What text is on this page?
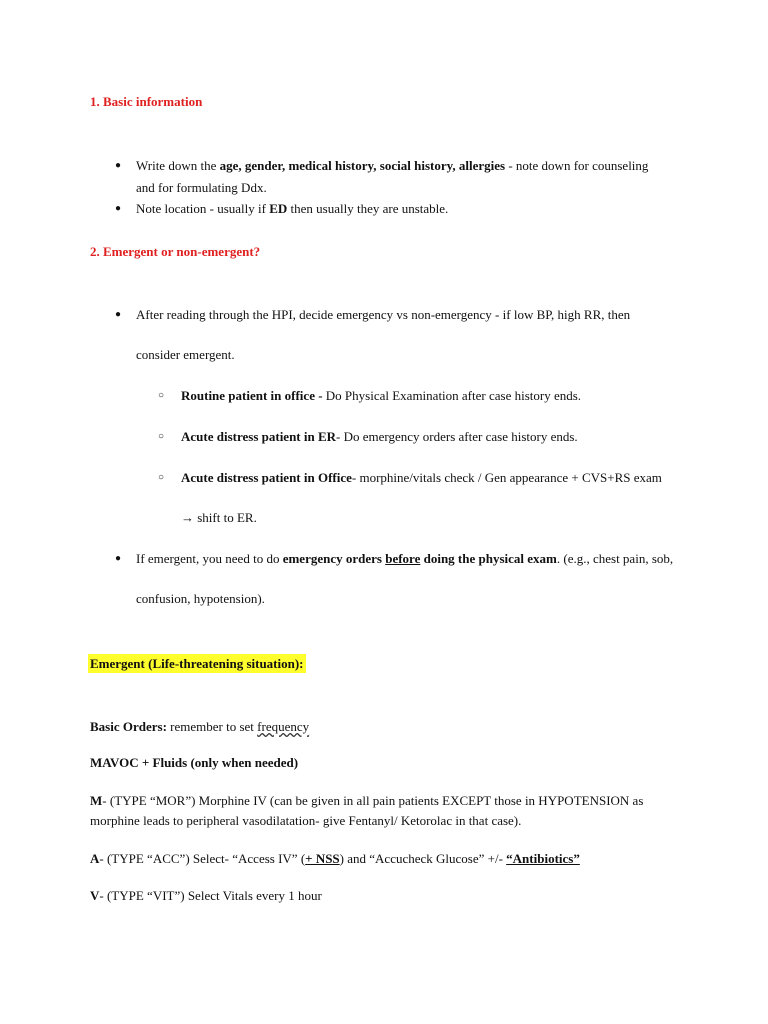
1. Basic information
● Write down the age, gender, medical history, social history, allergies - note down for counseling
and for formulating Ddx.
● Note location - usually if ED then usually they are unstable.
2. Emergent or non-emergent?
● After reading through the HPI, decide emergency vs non-emergency - if low BP, high RR, then
consider emergent.
○ Routine patient in office - Do Physical Examination after case history ends.
○ Acute distress patient in ER- Do emergency orders after case history ends.
○ Acute distress patient in Office- morphine/vitals check / Gen appearance + CVS+RS exam
→ shift to ER.
● If emergent, you need to do emergency orders before doing the physical exam. (e.g., chest pain, sob,
confusion, hypotension).
Emergent (Life-threatening situation):
Basic Orders: remember to set frequency
MAVOC + Fluids (only when needed)
M- (TYPE “MOR”) Morphine IV (can be given in all pain patients EXCEPT those in HYPOTENSION as
morphine leads to peripheral vasodilatation- give Fentanyl/ Ketorolac in that case).
A- (TYPE “ACC”) Select- “Access IV” (+ NSS) and “Accucheck Glucose” +/- “Antibiotics”
V- (TYPE “VIT”) Select Vitals every 1 hour
